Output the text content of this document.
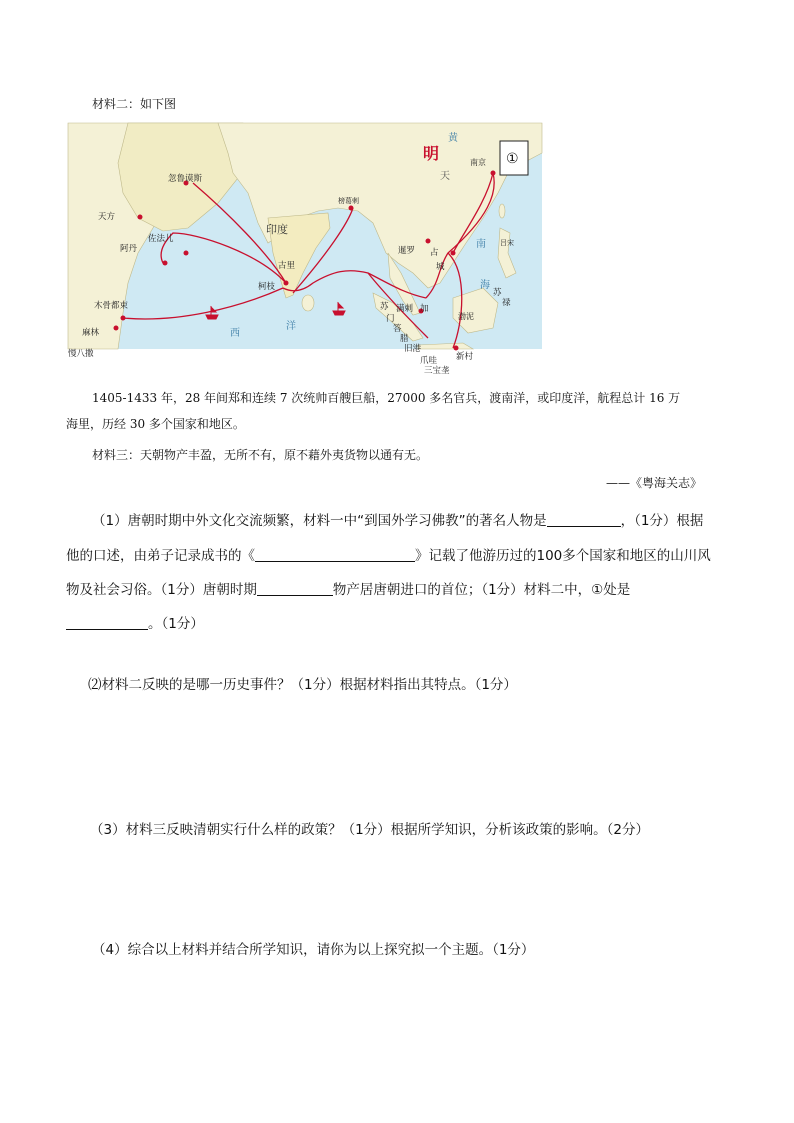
材料二：如下图
南京
天方
忽鲁谟斯
阿丹
佐法儿
木骨都束
麻林
慢八撒
印度
榜葛剌
古里
柯枝
暹罗 占
城
吕宋
苏
禄
满剌 加
苏
门
答
腊
旧港
爪哇 新村
三宝垄
渤泥
西
洋
南
海
天
黄
明	①
1405-1433 年，28 年间郑和连续 7 次统帅百艘巨船，27000 多名官兵，渡南洋，或印度洋，航程总计 16 万
海里，历经 30 多个国家和地区。
材料三：天朝物产丰盈，无所不有，原不藉外夷货物以通有无。
——《粤海关志》
（1）唐朝时期中外文化交流频繁，材料一中“到国外学习佛教”的著名人物是	，（1分）根据
他的口述，由弟子记录成书的《	》记载了他游历过的100多个国家和地区的山川风
物及社会习俗。（1分）唐朝时期	物产居唐朝进口的首位；（1分）材料二中，①处是
。（1分）
⑵材料二反映的是哪一历史事件？（1分）根据材料指出其特点。（1分）
（3）材料三反映清朝实行什么样的政策？（1分）根据所学知识，分析该政策的影响。（2分）
（4）综合以上材料并结合所学知识，请你为以上探究拟一个主题。（1分）
